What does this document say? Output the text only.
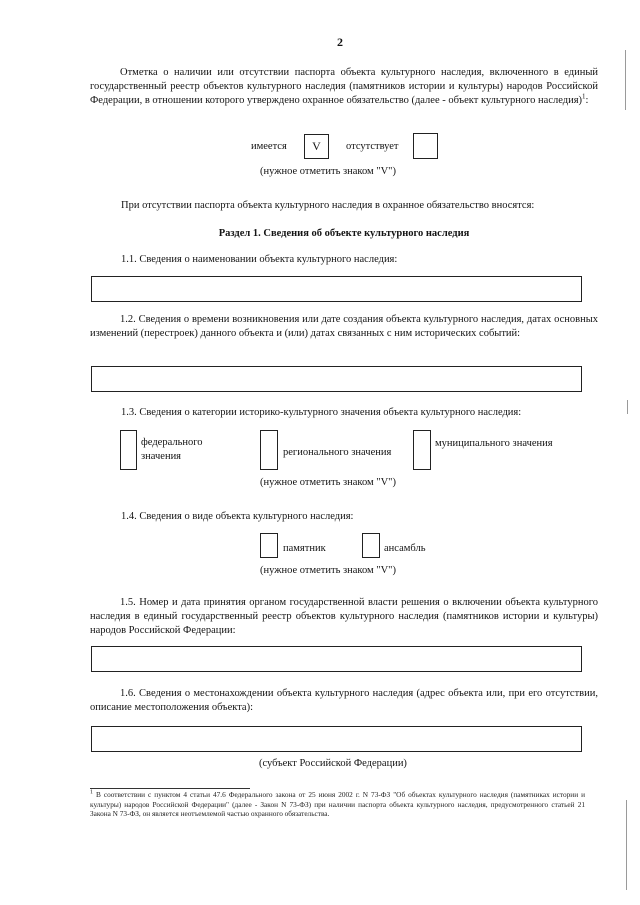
2

Отметка о наличии или отсутствии паспорта объекта культурного наследия, включенного в единый государственный реестр объектов культурного наследия (памятников истории и культуры) народов Российской Федерации, в отношении которого утверждено охранное обязательство (далее - объект культурного наследия)$^1$:

имеется	V	отсутствует
(нужное отметить знаком "V")
При отсутствии паспорта объекта культурного наследия в охранное обязательство вносятся:
Раздел 1. Сведения об объекте культурного наследия
1.1. Сведения о наименовании объекта культурного наследия:

1.2. Сведения о времени возникновения или дате создания объекта культурного наследия, датах основных изменений (перестроек) данного объекта и (или) датах связанных с ним исторических событий:

1.3. Сведения о категории историко-культурного значения объекта культурного наследия:
федерального значения	регионального значения
муниципального значения
(нужное отметить знаком "V")
1.4. Сведения о виде объекта культурного наследия:
памятник	ансамбль
(нужное отметить знаком "V")

1.5. Номер и дата принятия органом государственной власти решения о включении объекта культурного наследия в единый государственный реестр объектов культурного наследия (памятников истории и культуры) народов Российской Федерации:

1.6. Сведения о местонахождении объекта культурного наследия (адрес объекта или, при его отсутствии, описание местоположения объекта):

(субъект Российской Федерации)
$^1$ В соответствии с пунктом 4 статьи 47.6 Федерального закона от 25 июня 2002 г. N 73-ФЗ "Об объектах культурного наследия (памятниках истории и культуры) народов Российской Федерации" (далее - Закон N 73-ФЗ) при наличии паспорта объекта культурного наследия, предусмотренного статьей 21 Закона N 73-ФЗ, он является неотъемлемой частью охранного обязательства.
